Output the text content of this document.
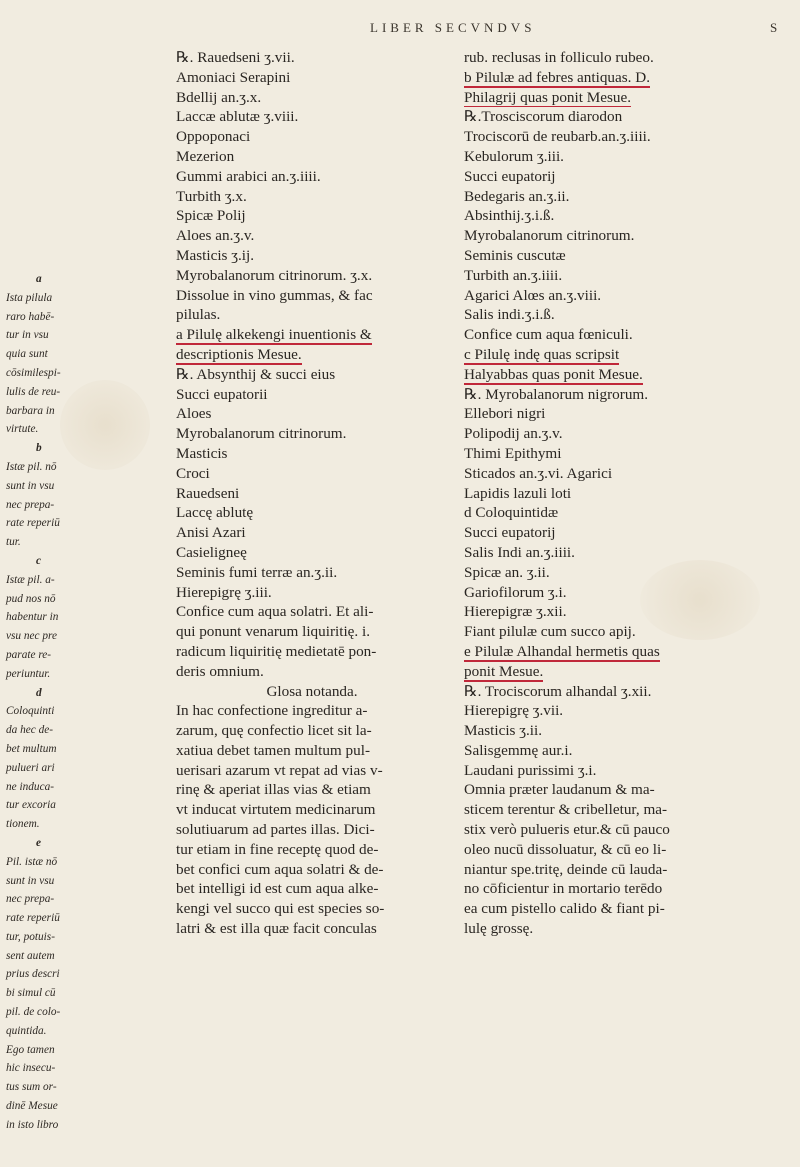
LIBER SECVNDVS	S
a
Ista pilula
raro habē-
tur in vsu
quia sunt
cōsimilespi-
lulis de reu-
barbara in
virtute.
b
Istæ pil. nō
sunt in vsu
nec prepa-
rate reperiū
tur.
c
Istæ pil. a-
pud nos nō
habentur in
vsu nec pre
parate re-
periuntur.
d
Coloquinti
da hec de-
bet multum
pulueri ari
ne induca-
tur excoria
tionem.
e
Pil. istæ nō
sunt in vsu
nec prepa-
rate reperiū
tur, potuis-
sent autem
prius descri
bi simul cū
pil. de colo-
quintida.
Ego tamen
hic insecu-
tus sum or-
dinē Mesue
in isto libro
℞. Rauedseni ʒ.vii.
Amoniaci Serapini
Bdellij an.ʒ.x.
Laccæ ablutæ ʒ.viii.
Oppoponaci
Mezerion
Gummi arabici an.ʒ.iiii.
Turbith ʒ.x.
Spicæ Polij
Aloes an.ʒ.v.
Masticis ʒ.ij.
Myrobalanorum citrinorum. ʒ.x.
Dissolue in vino gummas, & fac
pilulas.
a Pilulę alkekengi inuentionis &
descriptionis Mesue.
℞. Absynthij & succi eius
Succi eupatorii
Aloes
Myrobalanorum citrinorum.
Masticis
Croci
Rauedseni
Laccę ablutę
Anisi Azari
Casieligneę
Seminis fumi terræ an.ʒ.ii.
Hierepigrę ʒ.iii.
Confice cum aqua solatri. Et ali-
qui ponunt venarum liquiritię. i.
radicum liquiritię medietatē pon-
deris omnium.
Glosa notanda.
In hac confectione ingreditur a-
zarum, quę confectio licet sit la-
xatiua debet tamen multum pul-
uerisari azarum vt repat ad vias v-
rinę & aperiat illas vias & etiam
vt inducat virtutem medicinarum
solutiuarum ad partes illas. Dici-
tur etiam in fine receptę quod de-
bet confici cum aqua solatri & de-
bet intelligi id est cum aqua alke-
kengi vel succo qui est species so-
latri & est illa quæ facit conculas
rub. reclusas in folliculo rubeo.
b Pilulæ ad febres antiquas. D.
Philagrij quas ponit Mesue.
℞.Trosciscorum diarodon
Trociscorū de reubarb.an.ʒ.iiii.
Kebulorum ʒ.iii.
Succi eupatorij
Bedegaris an.ʒ.ii.
Absinthij.ʒ.i.ß.
Myrobalanorum citrinorum.
Seminis cuscutæ
Turbith an.ʒ.iiii.
Agarici Alœs an.ʒ.viii.
Salis indi.ʒ.i.ß.
Confice cum aqua fœniculi.
c Pilulę indę quas scripsit
Halyabbas quas ponit Mesue.
℞. Myrobalanorum nigrorum.
Ellebori nigri
Polipodij an.ʒ.v.
Thimi Epithymi
Sticados an.ʒ.vi. Agarici
Lapidis lazuli loti
d Coloquintidæ
Succi eupatorij
Salis Indi an.ʒ.iiii.
Spicæ an. ʒ.ii.
Gariofilorum ʒ.i.
Hierepigræ ʒ.xii.
Fiant pilulæ cum succo apij.
e Pilulæ Alhandal hermetis quas
ponit Mesue.
℞. Trociscorum alhandal ʒ.xii.
Hierepigrę ʒ.vii.
Masticis ʒ.ii.
Salisgemmę aur.i.
Laudani purissimi ʒ.i.
Omnia præter laudanum & ma-
sticem terentur & cribelletur, ma-
stix verò pulueris etur.& cū pauco
oleo nucū dissoluatur, & cū eo li-
niantur spe.tritę, deinde cū lauda-
no cōficientur in mortario terēdo
ea cum pistello calido & fiant pi-
lulę grossę.
